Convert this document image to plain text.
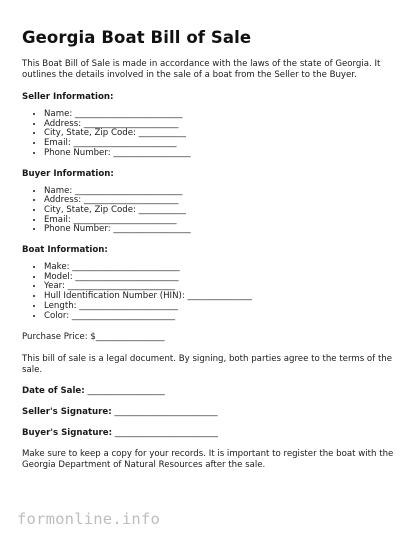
Georgia Boat Bill of Sale

This Boat Bill of Sale is made in accordance with the laws of the state of Georgia. It outlines the details involved in the sale of a boat from the Seller to the Buyer.

Seller Information:
• Name: _________________________
• Address: ______________________
• City, State, Zip Code: ___________
• Email: ________________________
• Phone Number: __________________
Buyer Information:
• Name: _________________________
• Address: ______________________
• City, State, Zip Code: ___________
• Email: ________________________
• Phone Number: __________________
Boat Information:
• Make: _________________________
• Model: ________________________
• Year: _________________________
• Hull Identification Number (HIN): _______________
• Length: _______________________
• Color: ________________________

Purchase Price: $________________

This bill of sale is a legal document. By signing, both parties agree to the terms of the sale.

Date of Sale: __________________

Seller's Signature: ________________________

Buyer's Signature: ________________________

Make sure to keep a copy for your records. It is important to register the boat with the Georgia Department of Natural Resources after the sale.

formonline.info
